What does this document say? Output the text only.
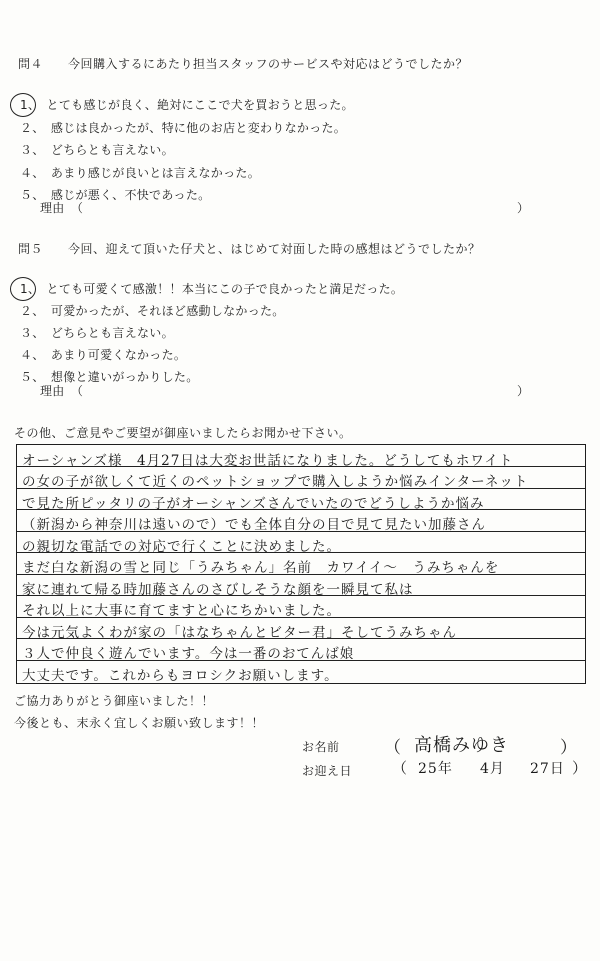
問４　　今回購入するにあたり担当スタッフのサービスや対応はどうでしたか？
1、　とても感じが良く、絶対にここで犬を買おうと思った。
２、　感じは良かったが、特に他のお店と変わりなかった。
３、　どちらとも言えない。
４、　あまり感じが良いとは言えなかった。
５、　感じが悪く、不快であった。
理由　（	）
問５　　今回、迎えて頂いた仔犬と、はじめて対面した時の感想はどうでしたか？
1、　とても可愛くて感激！！本当にこの子で良かったと満足だった。
２、　可愛かったが、それほど感動しなかった。
３、　どちらとも言えない。
４、　あまり可愛くなかった。
５、　想像と違いがっかりした。
理由　（	）
その他、ご意見やご要望が御座いましたらお聞かせ下さい。
オーシャンズ様　4月27日は大変お世話になりました。どうしてもホワイト
の女の子が欲しくて近くのペットショップで購入しようか悩みインターネット
で見た所ピッタリの子がオーシャンズさんでいたのでどうしようか悩み
（新潟から神奈川は遠いので）でも全体自分の目で見て見たい加藤さん
の親切な電話での対応で行くことに決めました。
まだ白な新潟の雪と同じ「うみちゃん」名前　カワイイ〜　うみちゃんを
家に連れて帰る時加藤さんのさびしそうな顔を一瞬見て私は
それ以上に大事に育てますと心にちかいました。
今は元気よくわが家の「はなちゃんとビター君」そしてうみちゃん
３人で仲良く遊んでいます。今は一番のおてんば娘
大丈夫です。これからもヨロシクお願いします。
ご協力ありがとう御座いました！！
今後とも、末永く宜しくお願い致します！！
お名前	（ 高橋みゆき	）
お迎え日	（ 25年 4月 27日 ）
